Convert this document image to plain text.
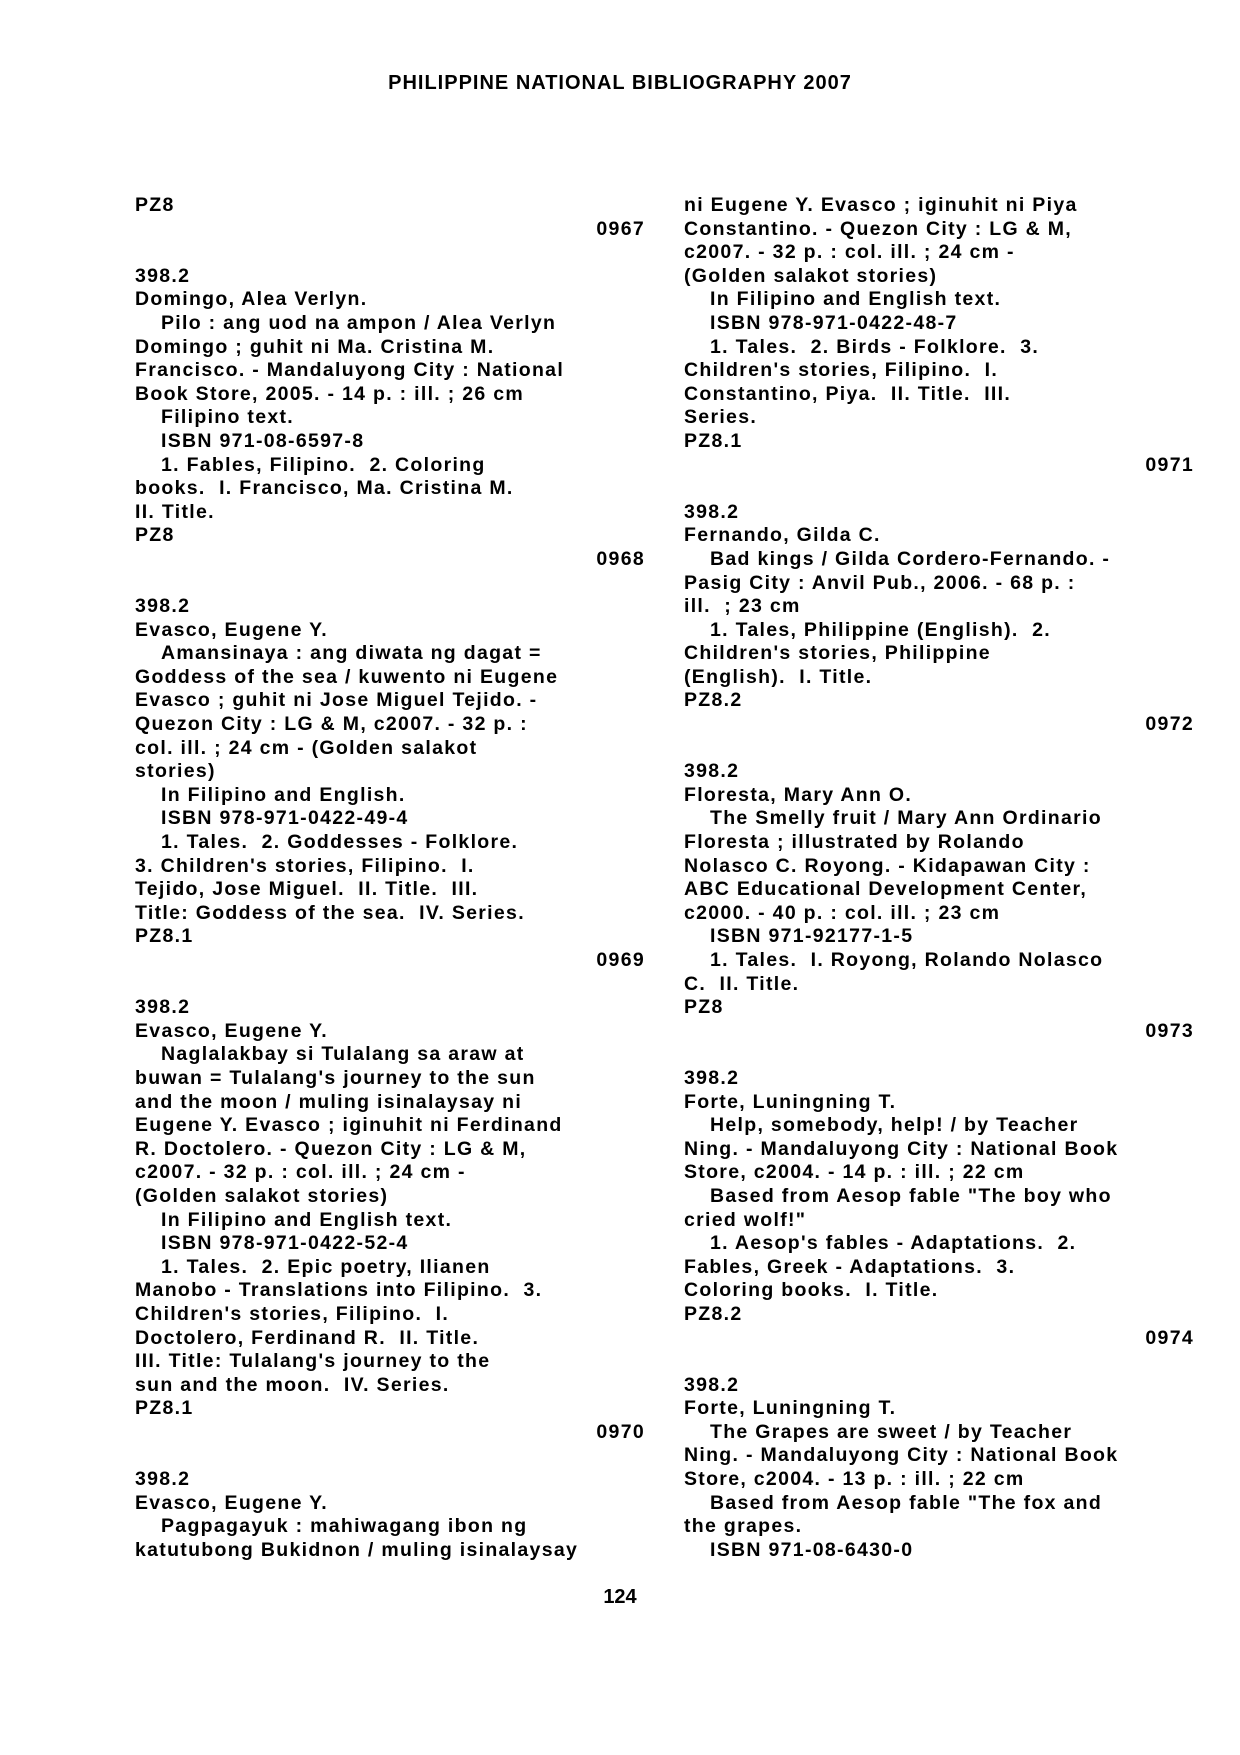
PHILIPPINE NATIONAL BIBLIOGRAPHY 2007
PZ8
0967
398.2
Domingo, Alea Verlyn.
Pilo : ang uod na ampon / Alea Verlyn
Domingo ; guhit ni Ma. Cristina M.
Francisco. - Mandaluyong City : National
Book Store, 2005. - 14 p. : ill. ; 26 cm
Filipino text.
ISBN 971-08-6597-8
1. Fables, Filipino.  2. Coloring
books.  I. Francisco, Ma. Cristina M.
II. Title.
PZ8
0968
398.2
Evasco, Eugene Y.
Amansinaya : ang diwata ng dagat =
Goddess of the sea / kuwento ni Eugene
Evasco ; guhit ni Jose Miguel Tejido. -
Quezon City : LG & M, c2007. - 32 p. :
col. ill. ; 24 cm - (Golden salakot
stories)
In Filipino and English.
ISBN 978-971-0422-49-4
1. Tales.  2. Goddesses - Folklore.
3. Children's stories, Filipino.  I.
Tejido, Jose Miguel.  II. Title.  III.
Title: Goddess of the sea.  IV. Series.
PZ8.1
0969
398.2
Evasco, Eugene Y.
Naglalakbay si Tulalang sa araw at
buwan = Tulalang's journey to the sun
and the moon / muling isinalaysay ni
Eugene Y. Evasco ; iginuhit ni Ferdinand
R. Doctolero. - Quezon City : LG & M,
c2007. - 32 p. : col. ill. ; 24 cm -
(Golden salakot stories)
In Filipino and English text.
ISBN 978-971-0422-52-4
1. Tales.  2. Epic poetry, Ilianen
Manobo - Translations into Filipino.  3.
Children's stories, Filipino.  I.
Doctolero, Ferdinand R.  II. Title.
III. Title: Tulalang's journey to the
sun and the moon.  IV. Series.
PZ8.1
0970
398.2
Evasco, Eugene Y.
Pagpagayuk : mahiwagang ibon ng
katutubong Bukidnon / muling isinalaysay
ni Eugene Y. Evasco ; iginuhit ni Piya
Constantino. - Quezon City : LG & M,
c2007. - 32 p. : col. ill. ; 24 cm -
(Golden salakot stories)
In Filipino and English text.
ISBN 978-971-0422-48-7
1. Tales.  2. Birds - Folklore.  3.
Children's stories, Filipino.  I.
Constantino, Piya.  II. Title.  III.
Series.
PZ8.1
0971
398.2
Fernando, Gilda C.
Bad kings / Gilda Cordero-Fernando. -
Pasig City : Anvil Pub., 2006. - 68 p. :
ill.  ; 23 cm
1. Tales, Philippine (English).  2.
Children's stories, Philippine
(English).  I. Title.
PZ8.2
0972
398.2
Floresta, Mary Ann O.
The Smelly fruit / Mary Ann Ordinario
Floresta ; illustrated by Rolando
Nolasco C. Royong. - Kidapawan City :
ABC Educational Development Center,
c2000. - 40 p. : col. ill. ; 23 cm
ISBN 971-92177-1-5
1. Tales.  I. Royong, Rolando Nolasco
C.  II. Title.
PZ8
0973
398.2
Forte, Luningning T.
Help, somebody, help! / by Teacher
Ning. - Mandaluyong City : National Book
Store, c2004. - 14 p. : ill. ; 22 cm
Based from Aesop fable "The boy who
cried wolf!"
1. Aesop's fables - Adaptations.  2.
Fables, Greek - Adaptations.  3.
Coloring books.  I. Title.
PZ8.2
0974
398.2
Forte, Luningning T.
The Grapes are sweet / by Teacher
Ning. - Mandaluyong City : National Book
Store, c2004. - 13 p. : ill. ; 22 cm
Based from Aesop fable "The fox and
the grapes.
ISBN 971-08-6430-0
124
